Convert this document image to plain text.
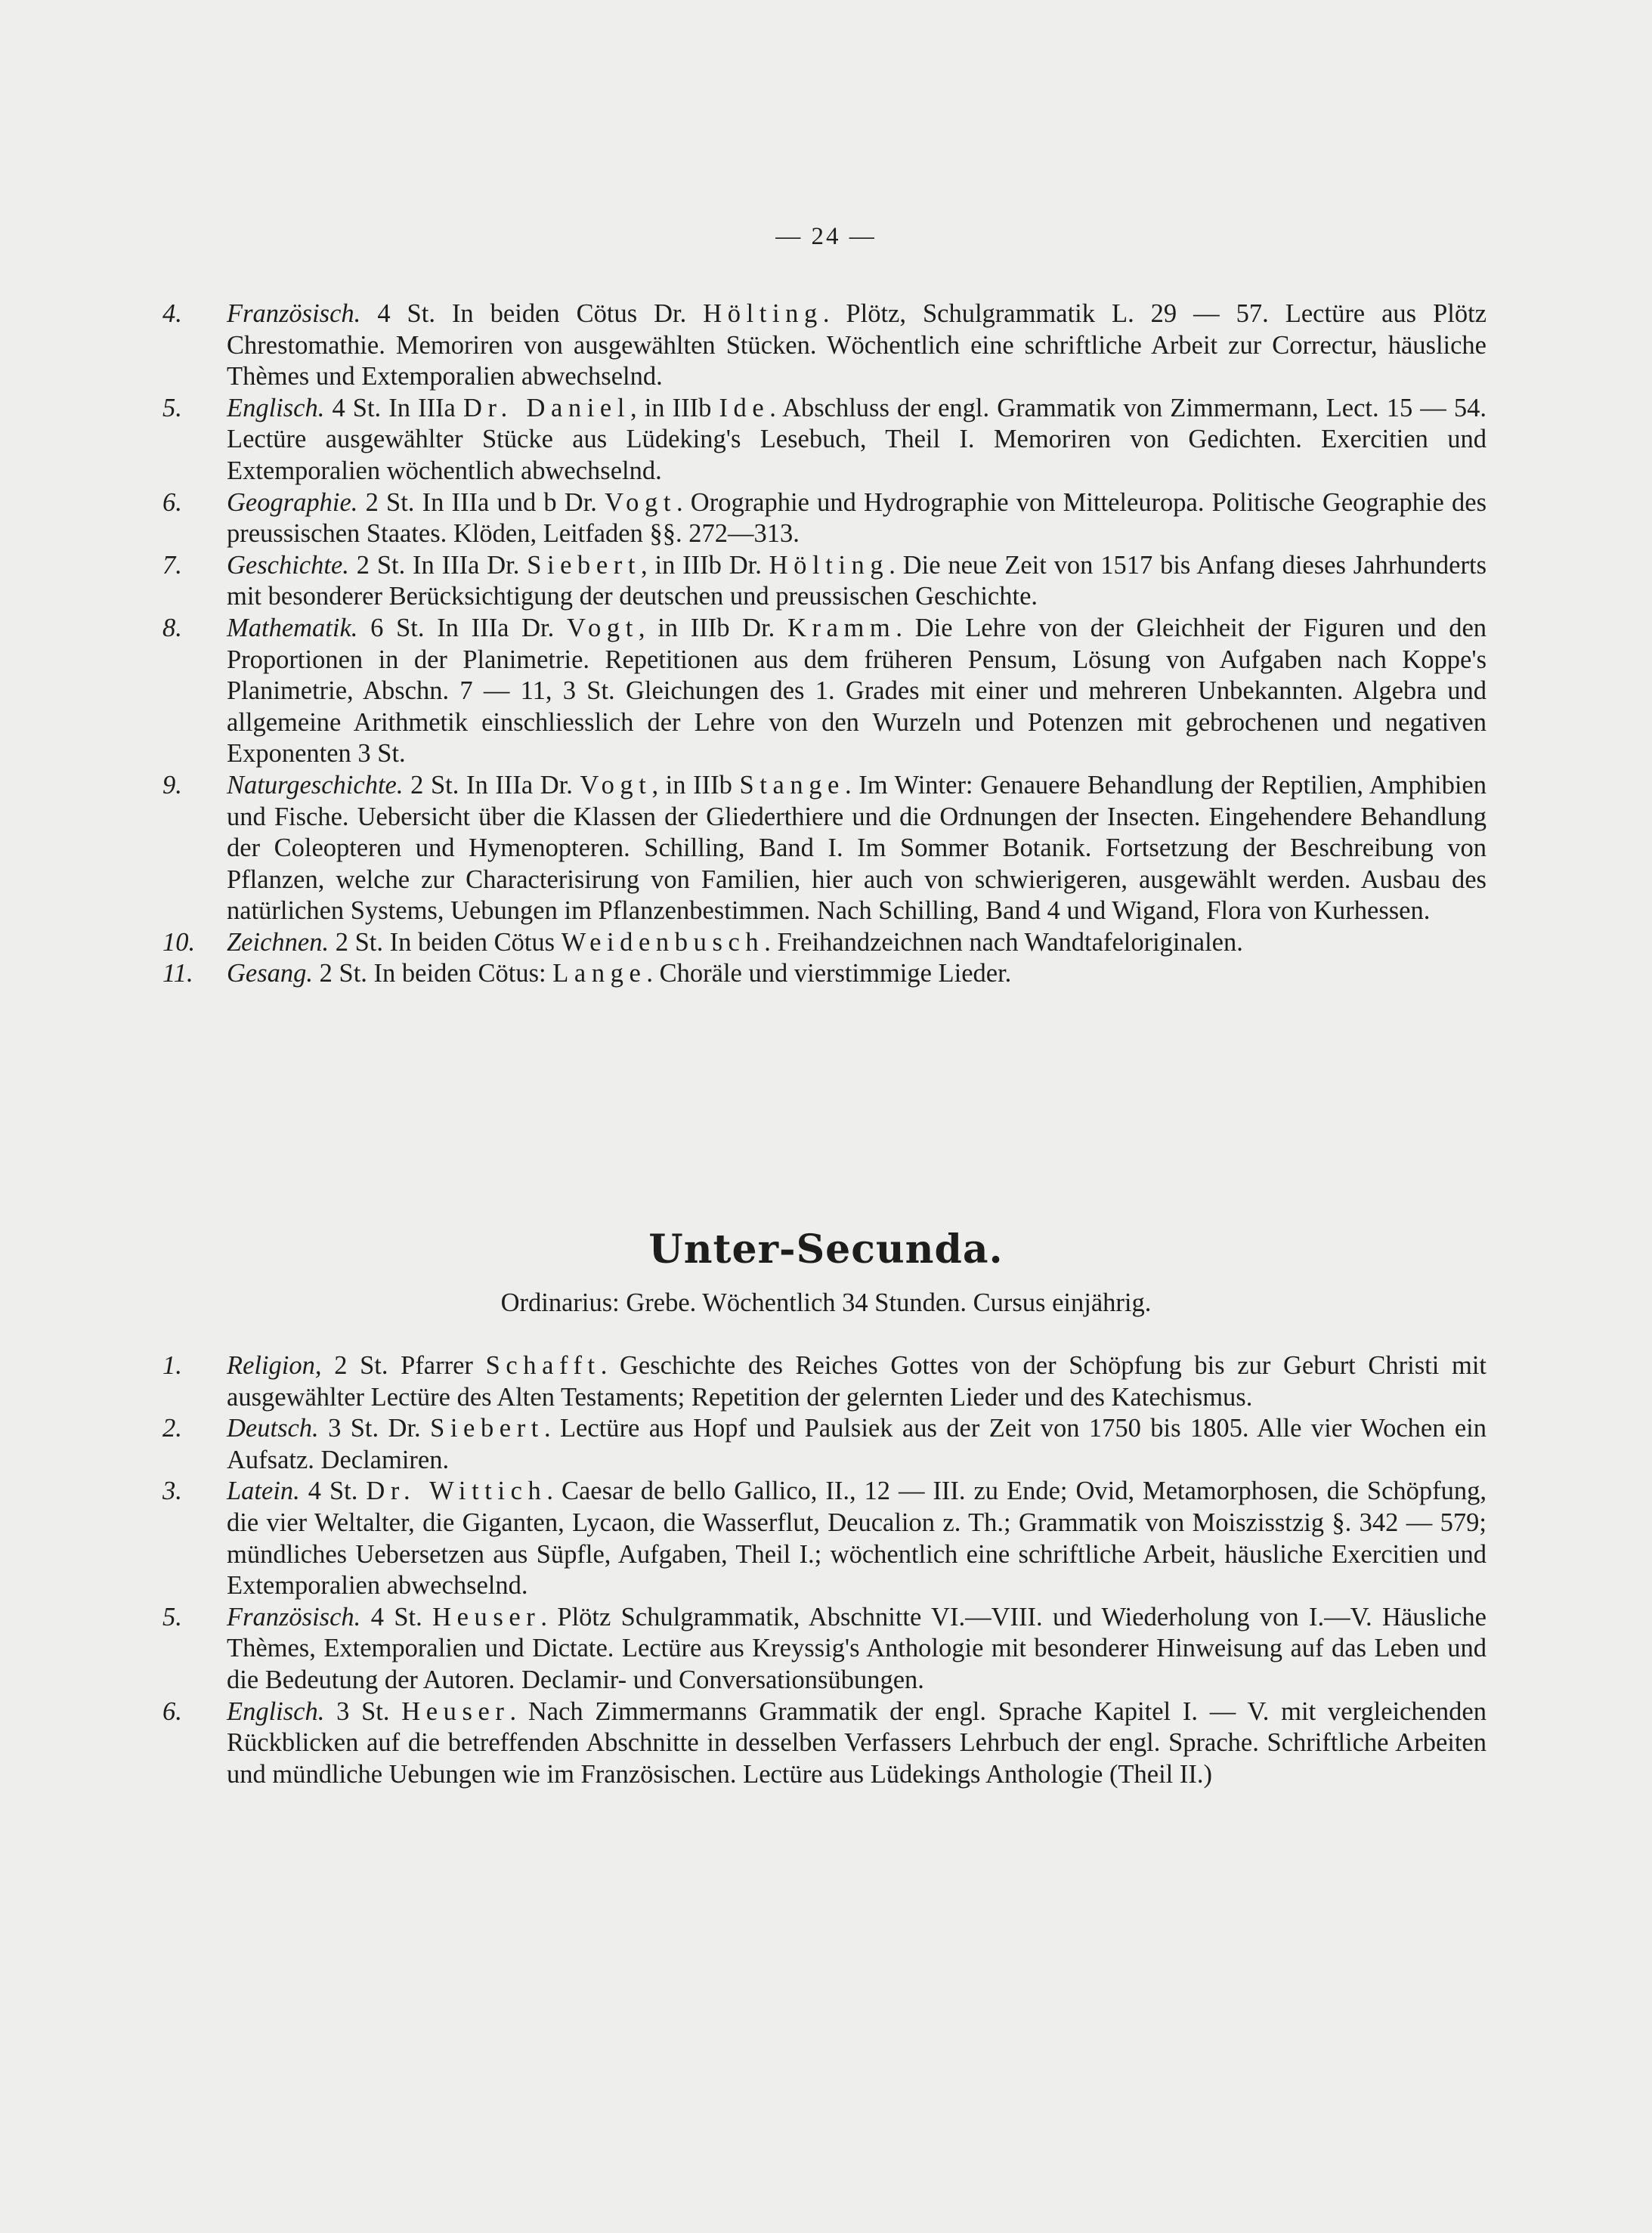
— 24 —
4. Französisch. 4 St. In beiden Cötus Dr. Hölting. Plötz, Schulgrammatik L. 29 — 57. Lectüre aus Plötz Chrestomathie. Memoriren von ausgewählten Stücken. Wöchentlich eine schriftliche Arbeit zur Correctur, häusliche Thèmes und Extemporalien abwechselnd.
5. Englisch. 4 St. In IIIa Dr. Daniel, in IIIb Ide. Abschluss der engl. Grammatik von Zimmermann, Lect. 15 — 54. Lectüre ausgewählter Stücke aus Lüdeking's Lesebuch, Theil I. Memoriren von Gedichten. Exercitien und Extemporalien wöchentlich abwechselnd.
6. Geographie. 2 St. In IIIa und b Dr. Vogt. Orographie und Hydrographie von Mitteleuropa. Politische Geographie des preussischen Staates. Klöden, Leitfaden §§. 272—313.
7. Geschichte. 2 St. In IIIa Dr. Siebert, in IIIb Dr. Hölting. Die neue Zeit von 1517 bis Anfang dieses Jahrhunderts mit besonderer Berücksichtigung der deutschen und preussischen Geschichte.
8. Mathematik. 6 St. In IIIa Dr. Vogt, in IIIb Dr. Kramm. Die Lehre von der Gleichheit der Figuren und den Proportionen in der Planimetrie. Repetitionen aus dem früheren Pensum, Lösung von Aufgaben nach Koppe's Planimetrie, Abschn. 7 — 11, 3 St. Gleichungen des 1. Grades mit einer und mehreren Unbekannten. Algebra und allgemeine Arithmetik einschliesslich der Lehre von den Wurzeln und Potenzen mit gebrochenen und negativen Exponenten 3 St.
9. Naturgeschichte. 2 St. In IIIa Dr. Vogt, in IIIb Stange. Im Winter: Genauere Behandlung der Reptilien, Amphibien und Fische. Uebersicht über die Klassen der Gliederthiere und die Ordnungen der Insecten. Eingehendere Behandlung der Coleopteren und Hymenopteren. Schilling, Band I. Im Sommer Botanik. Fortsetzung der Beschreibung von Pflanzen, welche zur Characterisirung von Familien, hier auch von schwierigeren, ausgewählt werden. Ausbau des natürlichen Systems, Uebungen im Pflanzenbestimmen. Nach Schilling, Band 4 und Wigand, Flora von Kurhessen.
10. Zeichnen. 2 St. In beiden Cötus Weidenbusch. Freihandzeichnen nach Wandtafeloriginalen.
11. Gesang. 2 St. In beiden Cötus: Lange. Choräle und vierstimmige Lieder.
Unter-Secunda.
Ordinarius: Grebe. Wöchentlich 34 Stunden. Cursus einjährig.
1. Religion, 2 St. Pfarrer Schafft. Geschichte des Reiches Gottes von der Schöpfung bis zur Geburt Christi mit ausgewählter Lectüre des Alten Testaments; Repetition der gelernten Lieder und des Katechismus.
2. Deutsch. 3 St. Dr. Siebert. Lectüre aus Hopf und Paulsiek aus der Zeit von 1750 bis 1805. Alle vier Wochen ein Aufsatz. Declamiren.
3. Latein. 4 St. Dr. Wittich. Caesar de bello Gallico, II., 12 — III. zu Ende; Ovid, Metamorphosen, die Schöpfung, die vier Weltalter, die Giganten, Lycaon, die Wasserflut, Deucalion z. Th.; Grammatik von Moiszisstzig §. 342 — 579; mündliches Uebersetzen aus Süpfle, Aufgaben, Theil I.; wöchentlich eine schriftliche Arbeit, häusliche Exercitien und Extemporalien abwechselnd.
5. Französisch. 4 St. Heuser. Plötz Schulgrammatik, Abschnitte VI.—VIII. und Wiederholung von I.—V. Häusliche Thèmes, Extemporalien und Dictate. Lectüre aus Kreyssig's Anthologie mit besonderer Hinweisung auf das Leben und die Bedeutung der Autoren. Declamir- und Conversationsübungen.
6. Englisch. 3 St. Heuser. Nach Zimmermanns Grammatik der engl. Sprache Kapitel I. — V. mit vergleichenden Rückblicken auf die betreffenden Abschnitte in desselben Verfassers Lehrbuch der engl. Sprache. Schriftliche Arbeiten und mündliche Uebungen wie im Französischen. Lectüre aus Lüdekings Anthologie (Theil II.)
